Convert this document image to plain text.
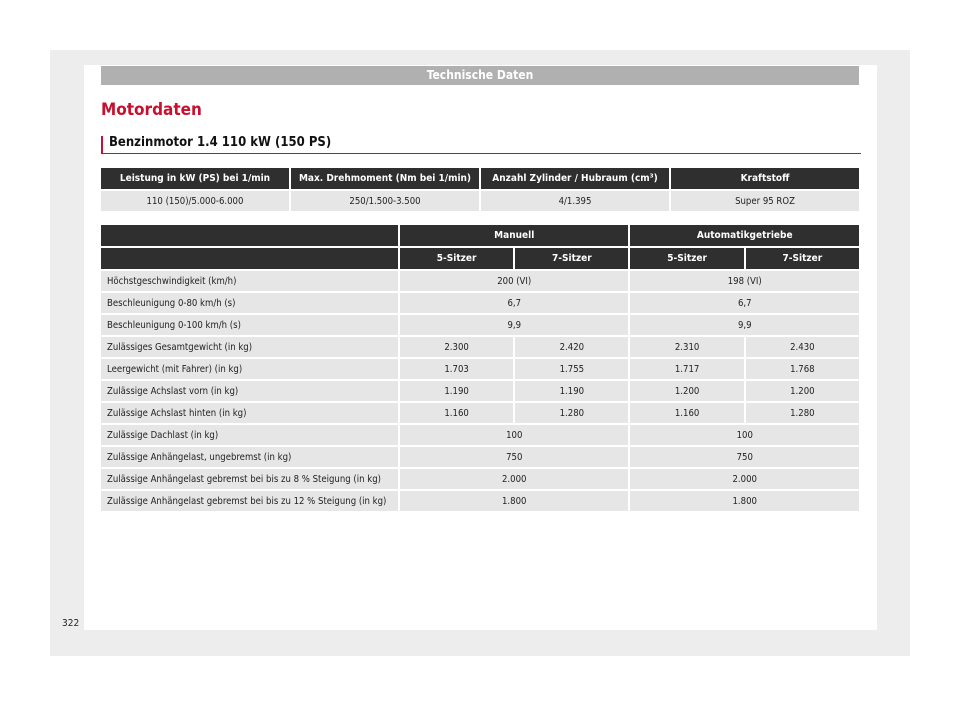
Technische Daten
Motordaten
Benzinmotor 1.4 110 kW (150 PS)
Leistung in kW (PS) bei 1/min	Max. Drehmoment (Nm bei 1/min)	Anzahl Zylinder / Hubraum (cm³)	Kraftstoff
110 (150)/5.000-6.000	250/1.500-3.500	4/1.395	Super 95 ROZ
	Manuell		Automatikgetriebe	
	5-Sitzer	7-Sitzer	5-Sitzer	7-Sitzer
Höchstgeschwindigkeit (km/h)	200 (VI)		198 (VI)	
Beschleunigung 0-80 km/h (s)	6,7		6,7	
Beschleunigung 0-100 km/h (s)	9,9		9,9	
Zulässiges Gesamtgewicht (in kg)	2.300	2.420	2.310	2.430
Leergewicht (mit Fahrer) (in kg)	1.703	1.755	1.717	1.768
Zulässige Achslast vorn (in kg)	1.190	1.190	1.200	1.200
Zulässige Achslast hinten (in kg)	1.160	1.280	1.160	1.280
Zulässige Dachlast (in kg)	100		100	
Zulässige Anhängelast, ungebremst (in kg)	750		750	
Zulässige Anhängelast gebremst bei bis zu 8 % Steigung (in kg)	2.000		2.000	
Zulässige Anhängelast gebremst bei bis zu 12 % Steigung (in kg)	1.800		1.800	
322
